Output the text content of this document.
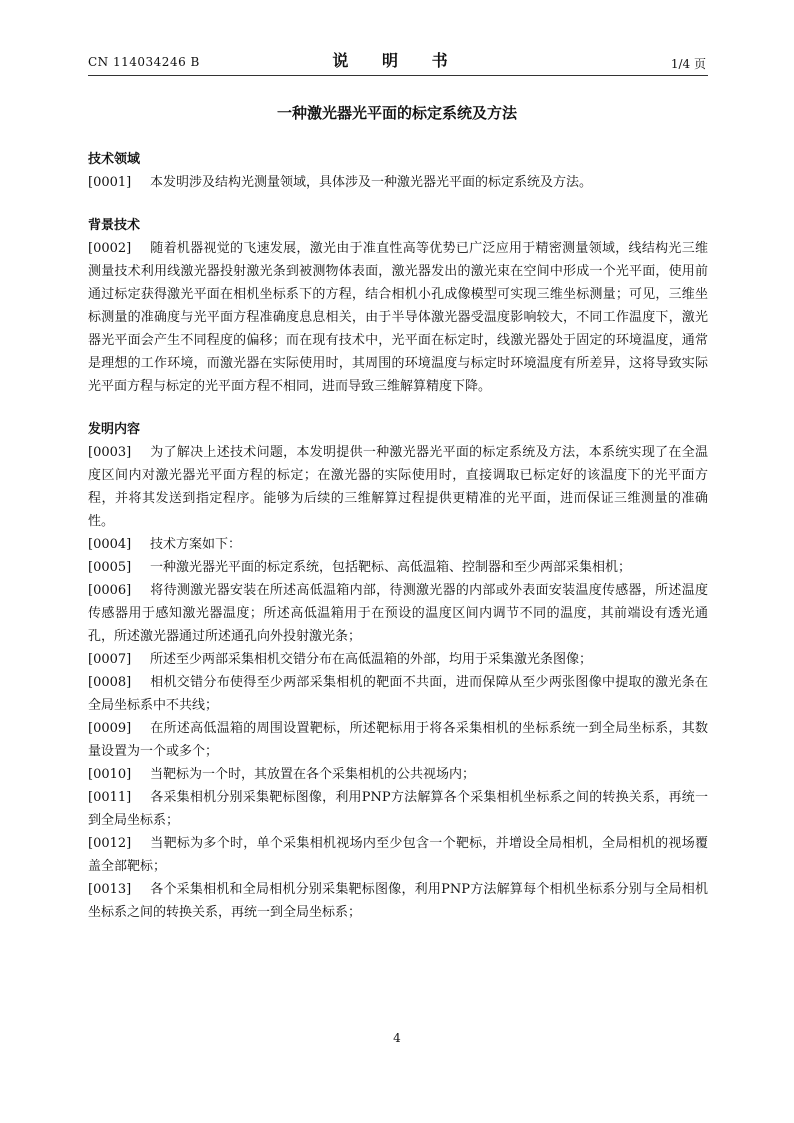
CN 114034246 B	说 明 书	1/4 页
一种激光器光平面的标定系统及方法

技术领域

[0001] 本发明涉及结构光测量领域，具体涉及一种激光器光平面的标定系统及方法。

背景技术

[0002] 随着机器视觉的飞速发展，激光由于准直性高等优势已广泛应用于精密测量领域，线结构光三维测量技术利用线激光器投射激光条到被测物体表面，激光器发出的激光束在空间中形成一个光平面，使用前通过标定获得激光平面在相机坐标系下的方程，结合相机小孔成像模型可实现三维坐标测量；可见，三维坐标测量的准确度与光平面方程准确度息息相关，由于半导体激光器受温度影响较大，不同工作温度下，激光器光平面会产生不同程度的偏移；而在现有技术中，光平面在标定时，线激光器处于固定的环境温度，通常是理想的工作环境，而激光器在实际使用时，其周围的环境温度与标定时环境温度有所差异，这将导致实际光平面方程与标定的光平面方程不相同，进而导致三维解算精度下降。

发明内容

[0003] 为了解决上述技术问题，本发明提供一种激光器光平面的标定系统及方法，本系统实现了在全温度区间内对激光器光平面方程的标定；在激光器的实际使用时，直接调取已标定好的该温度下的光平面方程，并将其发送到指定程序。能够为后续的三维解算过程提供更精准的光平面，进而保证三维测量的准确性。

[0004] 技术方案如下：

[0005] 一种激光器光平面的标定系统，包括靶标、高低温箱、控制器和至少两部采集相机；

[0006] 将待测激光器安装在所述高低温箱内部，待测激光器的内部或外表面安装温度传感器，所述温度传感器用于感知激光器温度；所述高低温箱用于在预设的温度区间内调节不同的温度，其前端设有透光通孔，所述激光器通过所述通孔向外投射激光条；

[0007] 所述至少两部采集相机交错分布在高低温箱的外部，均用于采集激光条图像；

[0008] 相机交错分布使得至少两部采集相机的靶面不共面，进而保障从至少两张图像中提取的激光条在全局坐标系中不共线；

[0009] 在所述高低温箱的周围设置靶标，所述靶标用于将各采集相机的坐标系统一到全局坐标系，其数量设置为一个或多个；

[0010] 当靶标为一个时，其放置在各个采集相机的公共视场内；

[0011] 各采集相机分别采集靶标图像，利用PNP方法解算各个采集相机坐标系之间的转换关系，再统一到全局坐标系；

[0012] 当靶标为多个时，单个采集相机视场内至少包含一个靶标，并增设全局相机，全局相机的视场覆盖全部靶标；

[0013] 各个采集相机和全局相机分别采集靶标图像，利用PNP方法解算每个相机坐标系分别与全局相机坐标系之间的转换关系，再统一到全局坐标系；

4
